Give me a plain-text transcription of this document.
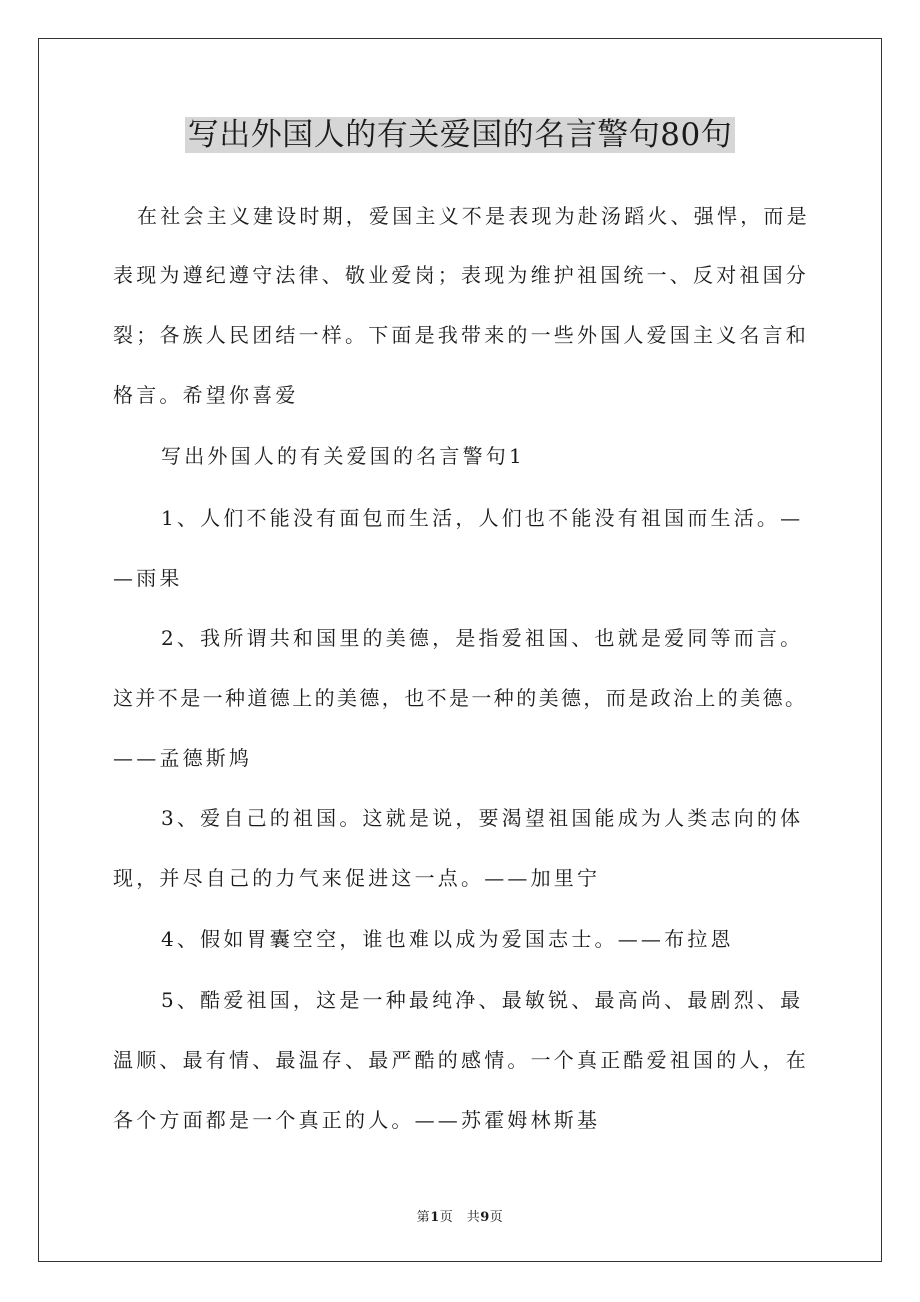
写出外国人的有关爱国的名言警句80句
在社会主义建设时期，爱国主义不是表现为赴汤蹈火、强悍，而是
表现为遵纪遵守法律、敬业爱岗；表现为维护祖国统一、反对祖国分
裂；各族人民团结一样。下面是我带来的一些外国人爱国主义名言和
格言。希望你喜爱
写出外国人的有关爱国的名言警句1
1、人们不能没有面包而生活，人们也不能没有祖国而生活。—
—雨果
2、我所谓共和国里的美德，是指爱祖国、也就是爱同等而言。
这并不是一种道德上的美德，也不是一种的美德，而是政治上的美德。
——孟德斯鸠
3、爱自己的祖国。这就是说，要渴望祖国能成为人类志向的体
现，并尽自己的力气来促进这一点。——加里宁
4、假如胃囊空空，谁也难以成为爱国志士。——布拉恩
5、酷爱祖国，这是一种最纯净、最敏锐、最高尚、最剧烈、最
温顺、最有情、最温存、最严酷的感情。一个真正酷爱祖国的人，在
各个方面都是一个真正的人。——苏霍姆林斯基
第1页　共9页
